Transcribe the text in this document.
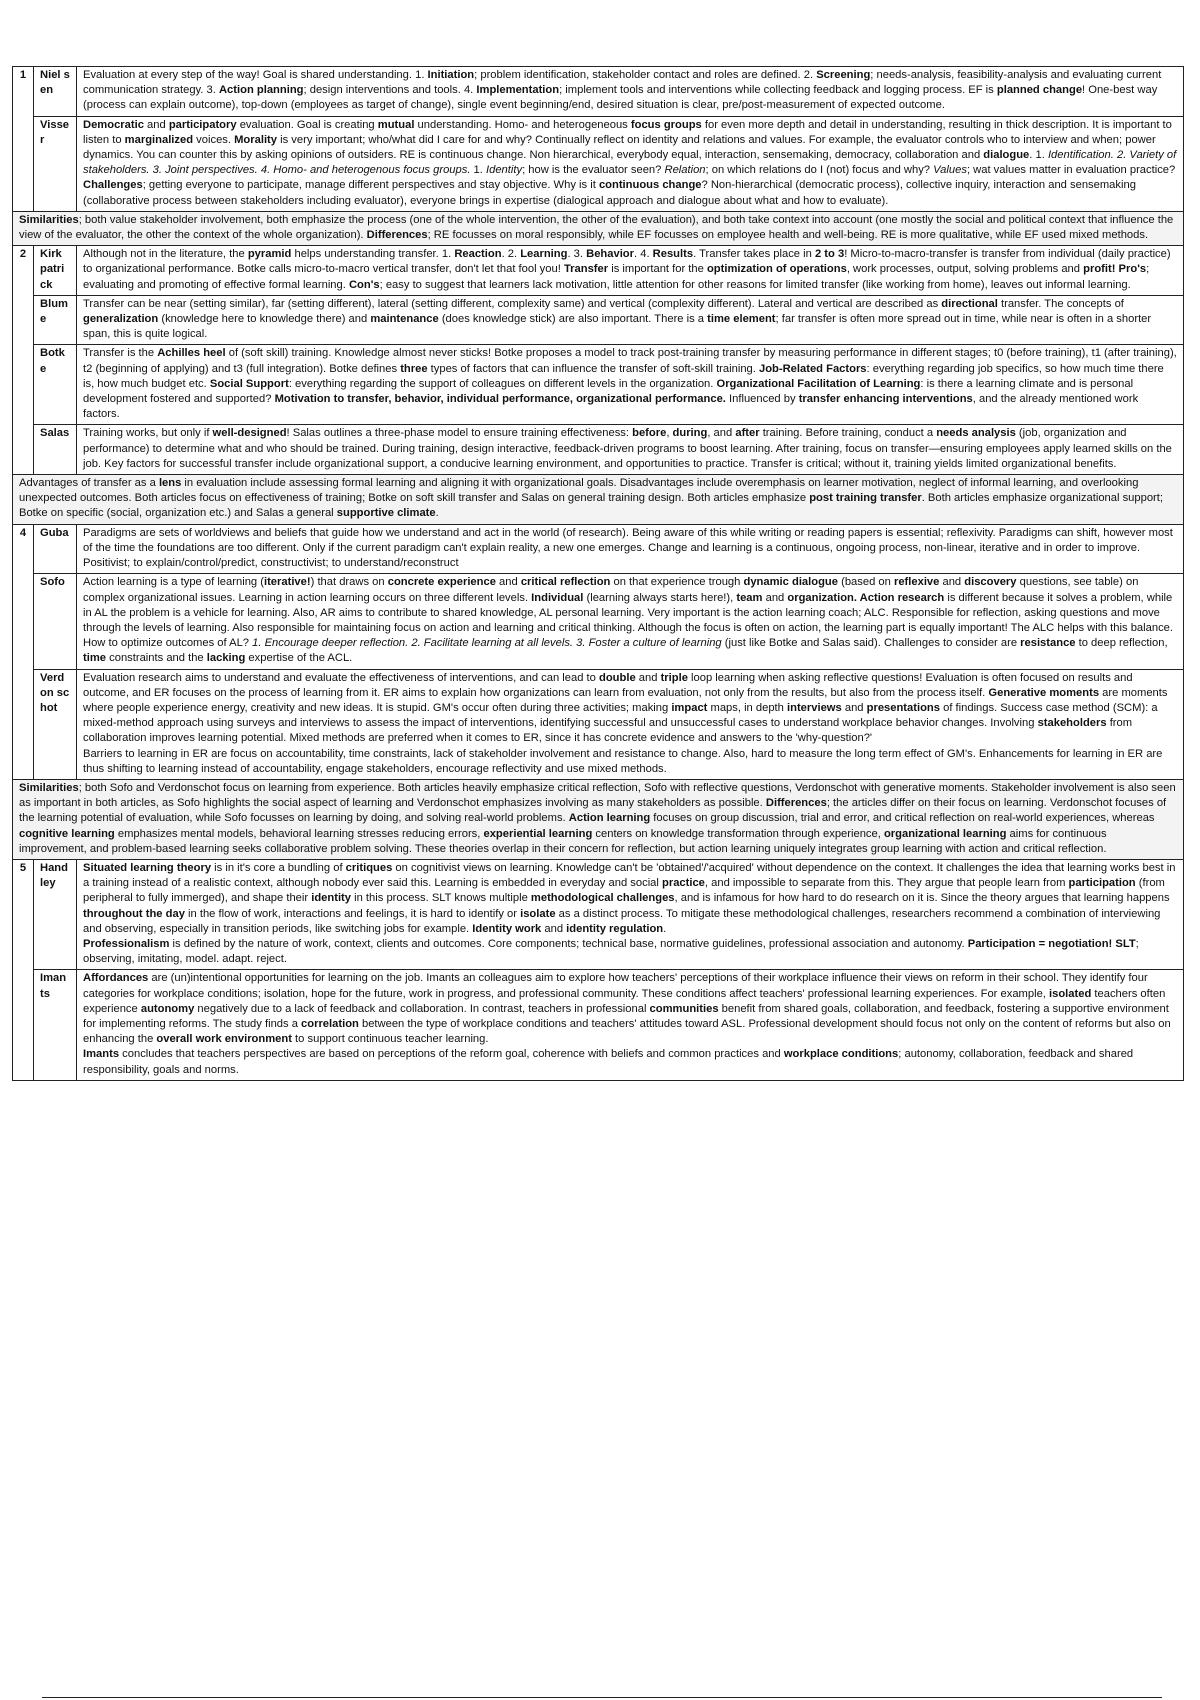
1	Niel sen	Evaluation at every step of the way! Goal is shared understanding. 1. Initiation; problem identification, stakeholder contact and roles are defined. 2. Screening; needs-analysis, feasibility-analysis and evaluating current communication strategy. 3. Action planning; design interventions and tools. 4. Implementation; implement tools and interventions while collecting feedback and logging process. EF is planned change! One-best way (process can explain outcome), top-down (employees as target of change), single event beginning/end, desired situation is clear, pre/post-measurement of expected outcome.
	Visse r	Democratic and participatory evaluation. Goal is creating mutual understanding. Homo- and heterogeneous focus groups for even more depth and detail in understanding, resulting in thick description. It is important to listen to marginalized voices. Morality is very important; who/what did I care for and why? Continually reflect on identity and relations and values. For example, the evaluator controls who to interview and when; power dynamics. You can counter this by asking opinions of outsiders. RE is continuous change. Non hierarchical, everybody equal, interaction, sensemaking, democracy, collaboration and dialogue. 1. Identification. 2. Variety of stakeholders. 3. Joint perspectives. 4. Homo- and heterogenous focus groups. 1. Identity; how is the evaluator seen? Relation; on which relations do I (not) focus and why? Values; wat values matter in evaluation practice? Challenges; getting everyone to participate, manage different perspectives and stay objective. Why is it continuous change? Non-hierarchical (democratic process), collective inquiry, interaction and sensemaking (collaborative process between stakeholders including evaluator), everyone brings in expertise (dialogical approach and dialogue about what and how to evaluate).
Similarities; both value stakeholder involvement, both emphasize the process (one of the whole intervention, the other of the evaluation), and both take context into account (one mostly the social and political context that influence the view of the evaluator, the other the context of the whole organization). Differences; RE focusses on moral responsibly, while EF focusses on employee health and well-being. RE is more qualitative, while EF used mixed methods.		
2	Kirk patri ck	Although not in the literature, the pyramid helps understanding transfer. 1. Reaction. 2. Learning. 3. Behavior. 4. Results. Transfer takes place in 2 to 3! Micro-to-macro-transfer is transfer from individual (daily practice) to organizational performance. Botke calls micro-to-macro vertical transfer, don't let that fool you! Transfer is important for the optimization of operations, work processes, output, solving problems and profit! Pro's; evaluating and promoting of effective formal learning. Con's; easy to suggest that learners lack motivation, little attention for other reasons for limited transfer (like working from home), leaves out informal learning.
	Blum e	Transfer can be near (setting similar), far (setting different), lateral (setting different, complexity same) and vertical (complexity different). Lateral and vertical are described as directional transfer. The concepts of generalization (knowledge here to knowledge there) and maintenance (does knowledge stick) are also important. There is a time element; far transfer is often more spread out in time, while near is often in a shorter span, this is quite logical.
	Botk e	Transfer is the Achilles heel of (soft skill) training. Knowledge almost never sticks! Botke proposes a model to track post-training transfer by measuring performance in different stages; t0 (before training), t1 (after training), t2 (beginning of applying) and t3 (full integration). Botke defines three types of factors that can influence the transfer of soft-skill training. Job-Related Factors: everything regarding job specifics, so how much time there is, how much budget etc. Social Support: everything regarding the support of colleagues on different levels in the organization. Organizational Facilitation of Learning: is there a learning climate and is personal development fostered and supported? Motivation to transfer, behavior, individual performance, organizational performance. Influenced by transfer enhancing interventions, and the already mentioned work factors.
	Salas	Training works, but only if well-designed! Salas outlines a three-phase model to ensure training effectiveness: before, during, and after training. Before training, conduct a needs analysis (job, organization and performance) to determine what and who should be trained. During training, design interactive, feedback-driven programs to boost learning. After training, focus on transfer—ensuring employees apply learned skills on the job. Key factors for successful transfer include organizational support, a conducive learning environment, and opportunities to practice. Transfer is critical; without it, training yields limited organizational benefits.
Advantages of transfer as a lens in evaluation include assessing formal learning and aligning it with organizational goals. Disadvantages include overemphasis on learner motivation, neglect of informal learning, and overlooking unexpected outcomes. Both articles focus on effectiveness of training; Botke on soft skill transfer and Salas on general training design. Both articles emphasize post training transfer. Both articles emphasize organizational support; Botke on specific (social, organization etc.) and Salas a general supportive climate.		
4	Guba	Paradigms are sets of worldviews and beliefs that guide how we understand and act in the world (of research). Being aware of this while writing or reading papers is essential; reflexivity. Paradigms can shift, however most of the time the foundations are too different. Only if the current paradigm can't explain reality, a new one emerges. Change and learning is a continuous, ongoing process, non-linear, iterative and in order to improve. Positivist; to explain/control/predict, constructivist; to understand/reconstruct
	Sofo	Action learning is a type of learning (iterative!) that draws on concrete experience and critical reflection on that experience trough dynamic dialogue (based on reflexive and discovery questions, see table) on complex organizational issues. Learning in action learning occurs on three different levels. Individual (learning always starts here!), team and organization. Action research is different because it solves a problem, while in AL the problem is a vehicle for learning. Also, AR aims to contribute to shared knowledge, AL personal learning. Very important is the action learning coach; ALC. Responsible for reflection, asking questions and move through the levels of learning. Also responsible for maintaining focus on action and learning and critical thinking. Although the focus is often on action, the learning part is equally important! The ALC helps with this balance. How to optimize outcomes of AL? 1. Encourage deeper reflection. 2. Facilitate learning at all levels. 3. Foster a culture of learning (just like Botke and Salas said). Challenges to consider are resistance to deep reflection, time constraints and the lacking expertise of the ACL.
	Verd on schot	Evaluation research aims to understand and evaluate the effectiveness of interventions, and can lead to double and triple loop learning when asking reflective questions! Evaluation is often focused on results and outcome, and ER focuses on the process of learning from it. ER aims to explain how organizations can learn from evaluation, not only from the results, but also from the process itself. Generative moments are moments where people experience energy, creativity and new ideas. It is stupid. GM's occur often during three activities; making impact maps, in depth interviews and presentations of findings. Success case method (SCM): a mixed-method approach using surveys and interviews to assess the impact of interventions, identifying successful and unsuccessful cases to understand workplace behavior changes. Involving stakeholders from collaboration improves learning potential. Mixed methods are preferred when it comes to ER, since it has concrete evidence and answers to the 'why-question?'

Barriers to learning in ER are focus on accountability, time constraints, lack of stakeholder involvement and resistance to change. Also, hard to measure the long term effect of GM's. Enhancements for learning in ER are thus shifting to learning instead of accountability, engage stakeholders, encourage reflectivity and use mixed methods.

Similarities; both Sofo and Verdonschot focus on learning from experience. Both articles heavily emphasize critical reflection, Sofo with reflective questions, Verdonschot with generative moments. Stakeholder involvement is also seen as important in both articles, as Sofo highlights the social aspect of learning and Verdonschot emphasizes involving as many stakeholders as possible. Differences; the articles differ on their focus on learning. Verdonschot focuses of the learning potential of evaluation, while Sofo focusses on learning by doing, and solving real-world problems. Action learning focuses on group discussion, trial and error, and critical reflection on real-world experiences, whereas cognitive learning emphasizes mental models, behavioral learning stresses reducing errors, experiential learning centers on knowledge transformation through experience, organizational learning aims for continuous improvement, and problem-based learning seeks collaborative problem solving. These theories overlap in their concern for reflection, but action learning uniquely integrates group learning with action and critical reflection.		
5	Hand ley	Situated learning theory is in it's core a bundling of critiques on cognitivist views on learning. Knowledge can't be 'obtained'/'acquired' without dependence on the context. It challenges the idea that learning works best in a training instead of a realistic context, although nobody ever said this. Learning is embedded in everyday and social practice, and impossible to separate from this. They argue that people learn from participation (from peripheral to fully immerged), and shape their identity in this process. SLT knows multiple methodological challenges, and is infamous for how hard to do research on it is. Since the theory argues that learning happens throughout the day in the flow of work, interactions and feelings, it is hard to identify or isolate as a distinct process. To mitigate these methodological challenges, researchers recommend a combination of interviewing and observing, especially in transition periods, like switching jobs for example. Identity work and identity regulation.

Professionalism is defined by the nature of work, context, clients and outcomes. Core components; technical base, normative guidelines, professional association and autonomy. Participation = negotiation! SLT; observing, imitating, model. adapt. reject.

	Iman ts	Affordances are (un)intentional opportunities for learning on the job. Imants an colleagues aim to explore how teachers' perceptions of their workplace influence their views on reform in their school. They identify four categories for workplace conditions; isolation, hope for the future, work in progress, and professional community. These conditions affect teachers' professional learning experiences. For example, isolated teachers often experience autonomy negatively due to a lack of feedback and collaboration. In contrast, teachers in professional communities benefit from shared goals, collaboration, and feedback, fostering a supportive environment for implementing reforms. The study finds a correlation between the type of workplace conditions and teachers' attitudes toward ASL. Professional development should focus not only on the content of reforms but also on enhancing the overall work environment to support continuous teacher learning.

Imants concludes that teachers perspectives are based on perceptions of the reform goal, coherence with beliefs and common practices and workplace conditions; autonomy, collaboration, feedback and shared responsibility, goals and norms.
